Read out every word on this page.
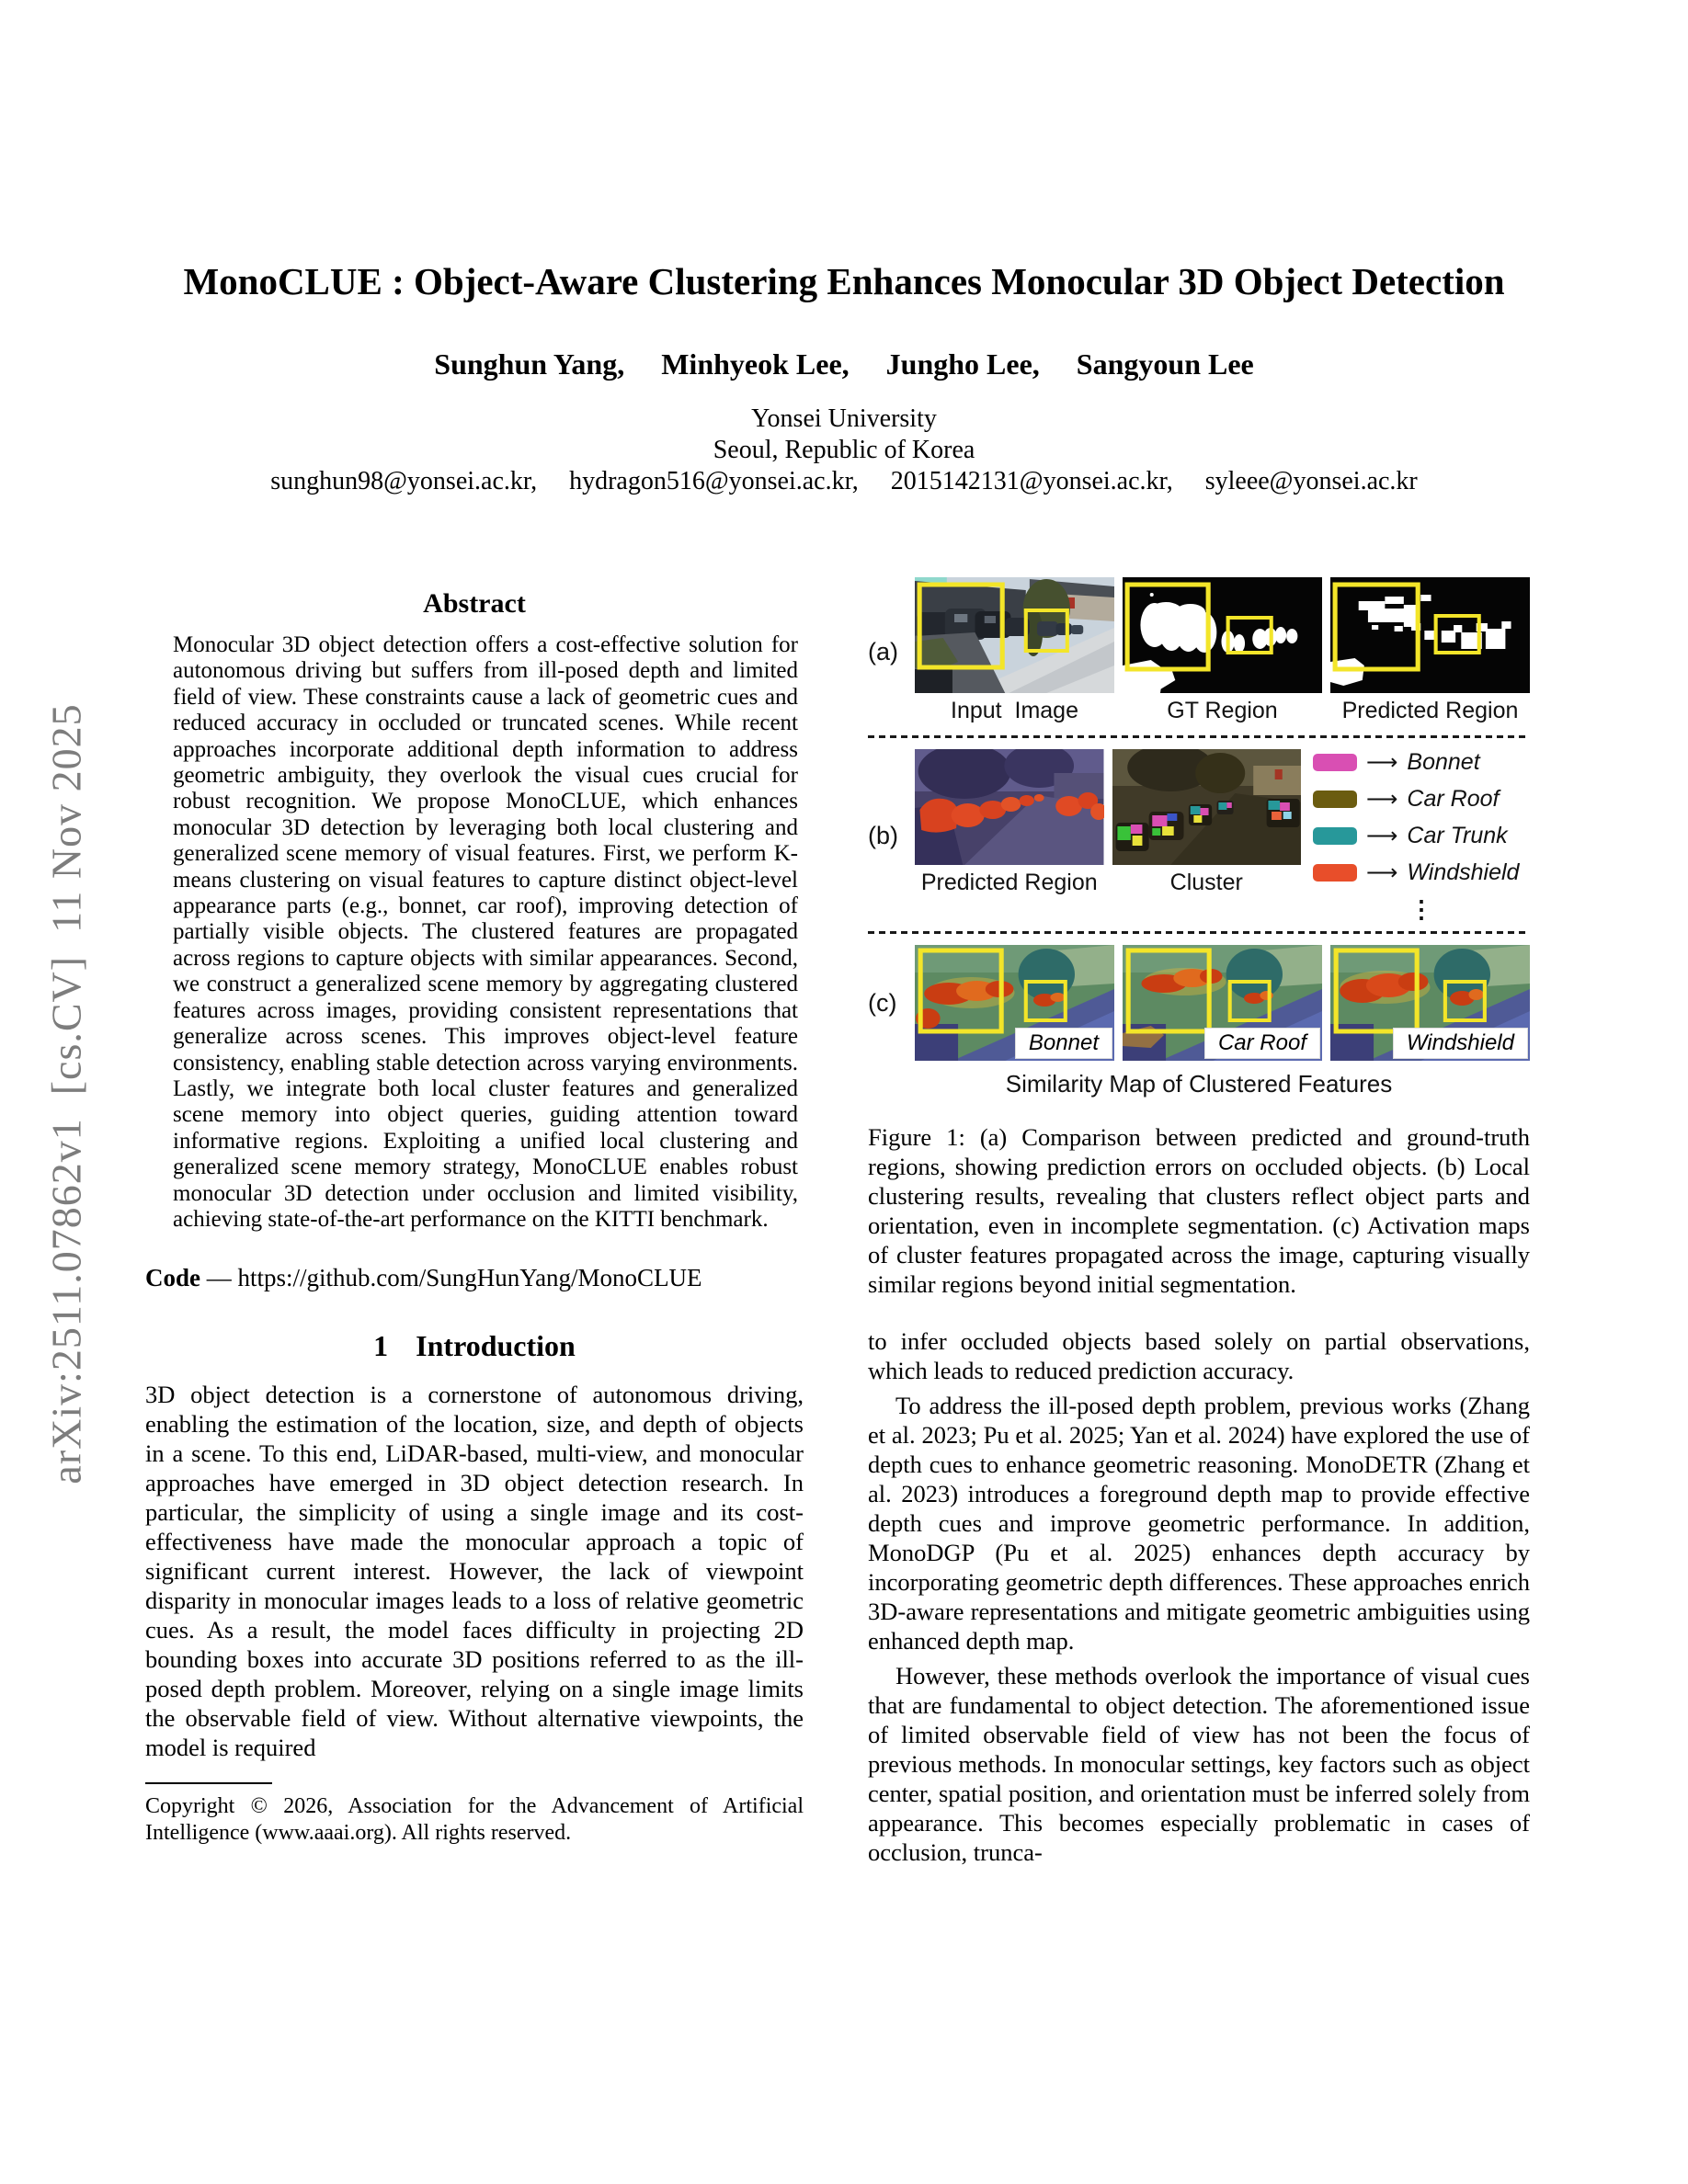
arXiv:2511.07862v1  [cs.CV]  11 Nov 2025
MonoCLUE : Object-Aware Clustering Enhances Monocular 3D Object Detection
Sunghun Yang,     Minhyeok Lee,     Jungho Lee,     Sangyoun Lee
Yonsei University
Seoul, Republic of Korea
sunghun98@yonsei.ac.kr,     hydragon516@yonsei.ac.kr,     2015142131@yonsei.ac.kr,     syleee@yonsei.ac.kr
Abstract

Monocular 3D object detection offers a cost-effective solution for autonomous driving but suffers from ill-posed depth and limited field of view. These constraints cause a lack of geometric cues and reduced accuracy in occluded or truncated scenes. While recent approaches incorporate additional depth information to address geometric ambiguity, they overlook the visual cues crucial for robust recognition. We propose MonoCLUE, which enhances monocular 3D detection by leveraging both local clustering and generalized scene memory of visual features. First, we perform K-means clustering on visual features to capture distinct object-level appearance parts (e.g., bonnet, car roof), improving detection of partially visible objects. The clustered features are propagated across regions to capture objects with similar appearances. Second, we construct a generalized scene memory by aggregating clustered features across images, providing consistent representations that generalize across scenes. This improves object-level feature consistency, enabling stable detection across varying environments. Lastly, we integrate both local cluster features and generalized scene memory into object queries, guiding attention toward informative regions. Exploiting a unified local clustering and generalized scene memory strategy, MonoCLUE enables robust monocular 3D detection under occlusion and limited visibility, achieving state-of-the-art performance on the KITTI benchmark.

Code — https://github.com/SungHunYang/MonoCLUE

1 Introduction

3D object detection is a cornerstone of autonomous driving, enabling the estimation of the location, size, and depth of objects in a scene. To this end, LiDAR-based, multi-view, and monocular approaches have emerged in 3D object detection research. In particular, the simplicity of using a single image and its cost-effectiveness have made the monocular approach a topic of significant current interest. However, the lack of viewpoint disparity in monocular images leads to a loss of relative geometric cues. As a result, the model faces difficulty in projecting 2D bounding boxes into accurate 3D positions referred to as the ill-posed depth problem. Moreover, relying on a single image limits the observable field of view. Without alternative viewpoints, the model is required

Copyright © 2026, Association for the Advancement of Artificial Intelligence (www.aaai.org). All rights reserved.

(a)
Input  Image	GT Region	Predicted Region
(b)
Predicted Region	Cluster
⟶ Bonnet
⟶ Car Roof
⟶ Car Trunk
⟶ Windshield
⋮
(c)
Bonnet	Car Roof	Windshield
Similarity Map of Clustered Features
Figure 1: (a) Comparison between predicted and ground-truth regions, showing prediction errors on occluded objects. (b) Local clustering results, revealing that clusters reflect object parts and orientation, even in incomplete segmentation. (c) Activation maps of cluster features propagated across the image, capturing visually similar regions beyond initial segmentation.

to infer occluded objects based solely on partial observations, which leads to reduced prediction accuracy.

To address the ill-posed depth problem, previous works (Zhang et al. 2023; Pu et al. 2025; Yan et al. 2024) have explored the use of depth cues to enhance geometric reasoning. MonoDETR (Zhang et al. 2023) introduces a foreground depth map to provide effective depth cues and improve geometric performance. In addition, MonoDGP (Pu et al. 2025) enhances depth accuracy by incorporating geometric depth differences. These approaches enrich 3D-aware representations and mitigate geometric ambiguities using enhanced depth map.

However, these methods overlook the importance of visual cues that are fundamental to object detection. The aforementioned issue of limited observable field of view has not been the focus of previous methods. In monocular settings, key factors such as object center, spatial position, and orientation must be inferred solely from appearance. This becomes especially problematic in cases of occlusion, trunca-
